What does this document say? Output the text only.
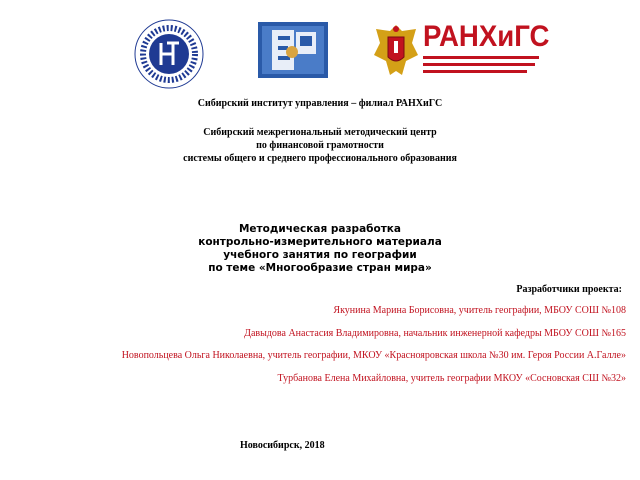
РАНХиГС
Сибирский институт управления – филиал РАНХиГС
Сибирский межрегиональный методический центр
по финансовой грамотности
системы общего и среднего профессионального образования
Методическая разработка
контрольно-измерительного материала
учебного занятия по географии
по теме «Многообразие стран мира»
Разработчики проекта:
Якунина Марина Борисовна, учитель географии, МБОУ СОШ №108
Давыдова Анастасия Владимировна, начальник инженерной кафедры МБОУ СОШ №165
Новопольцева Ольга Николаевна, учитель географии, МКОУ «Краснояровская школа №30 им. Героя России А.Галле»
Турбанова Елена Михайловна, учитель географии МКОУ «Сосновская СШ №32»
Новосибирск, 2018
